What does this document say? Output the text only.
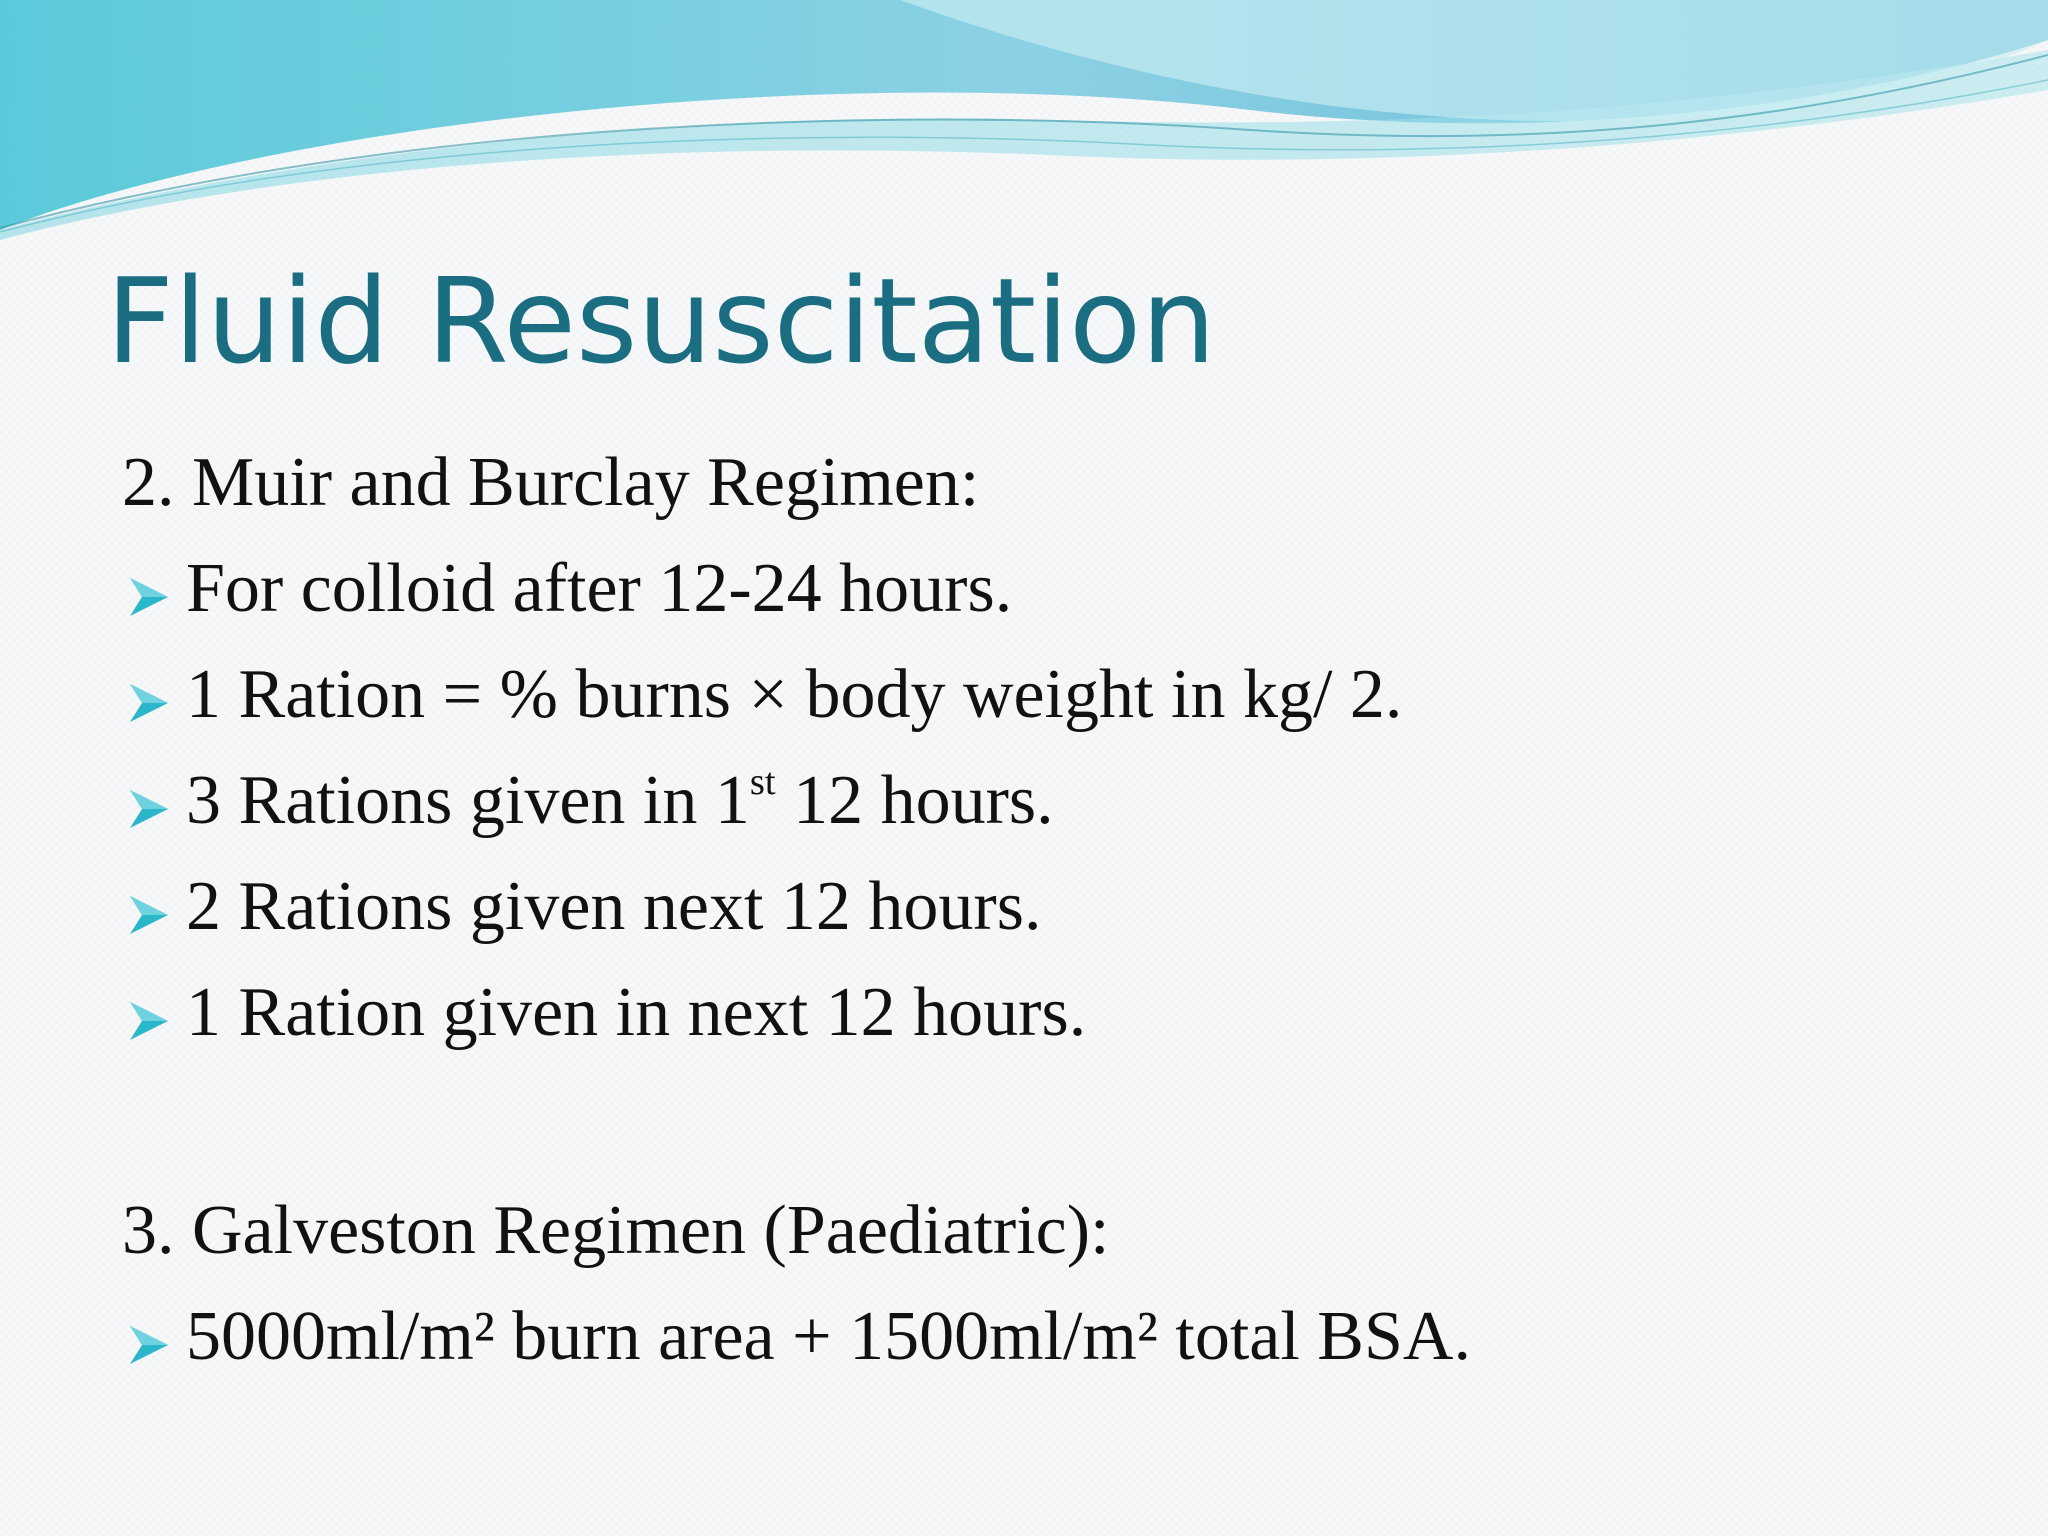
Fluid Resuscitation
2. Muir and Burclay Regimen:
For colloid after 12-24 hours.
1 Ration = % burns × body weight in kg/ 2.
3 Rations given in 1st 12 hours.
2 Rations given next 12 hours.
1 Ration given in next 12 hours.
3. Galveston Regimen (Paediatric):
5000ml/m² burn area + 1500ml/m² total BSA.
